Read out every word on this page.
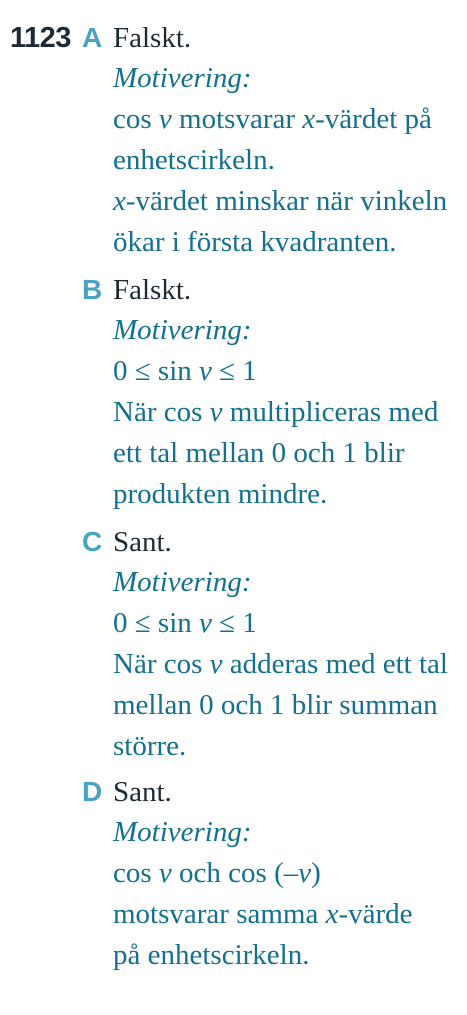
1123 A Falskt.
Motivering:
cos v motsvarar x-värdet på
enhetscirkeln.
x-värdet minskar när vinkeln
ökar i första kvadranten.
B Falskt.
Motivering:
0 ≤ sin v ≤ 1
När cos v multipliceras med
ett tal mellan 0 och 1 blir
produkten mindre.
C Sant.
Motivering:
0 ≤ sin v ≤ 1
När cos v adderas med ett tal
mellan 0 och 1 blir summan
större.
D Sant.
Motivering:
cos v och cos (–v)
motsvarar samma x-värde
på enhetscirkeln.
